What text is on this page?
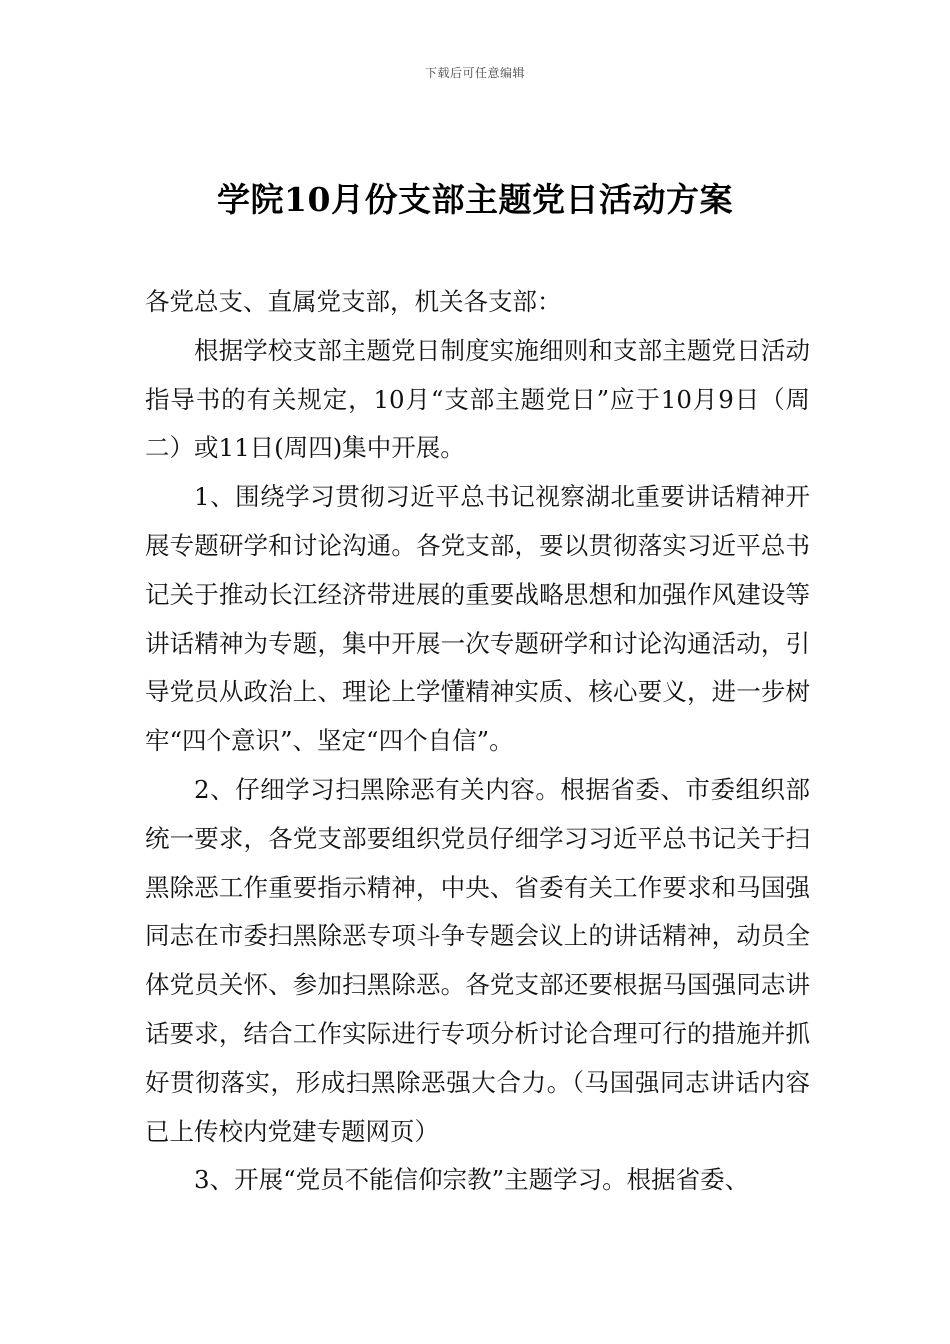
下载后可任意编辑
学院10月份支部主题党日活动方案

各党总支、直属党支部，机关各支部：

根据学校支部主题党日制度实施细则和支部主题党日活动指导书的有关规定，10月“支部主题党日”应于10月9日（周二）或11日(周四)集中开展。

1、围绕学习贯彻习近平总书记视察湖北重要讲话精神开展专题研学和讨论沟通。各党支部，要以贯彻落实习近平总书记关于推动长江经济带进展的重要战略思想和加强作风建设等讲话精神为专题，集中开展一次专题研学和讨论沟通活动，引导党员从政治上、理论上学懂精神实质、核心要义，进一步树牢“四个意识”、坚定“四个自信”。

2、仔细学习扫黑除恶有关内容。根据省委、市委组织部统一要求，各党支部要组织党员仔细学习习近平总书记关于扫黑除恶工作重要指示精神，中央、省委有关工作要求和马国强同志在市委扫黑除恶专项斗争专题会议上的讲话精神，动员全体党员关怀、参加扫黑除恶。各党支部还要根据马国强同志讲话要求，结合工作实际进行专项分析讨论合理可行的措施并抓好贯彻落实，形成扫黑除恶强大合力。（马国强同志讲话内容已上传校内党建专题网页）

3、开展“党员不能信仰宗教”主题学习。根据省委、
